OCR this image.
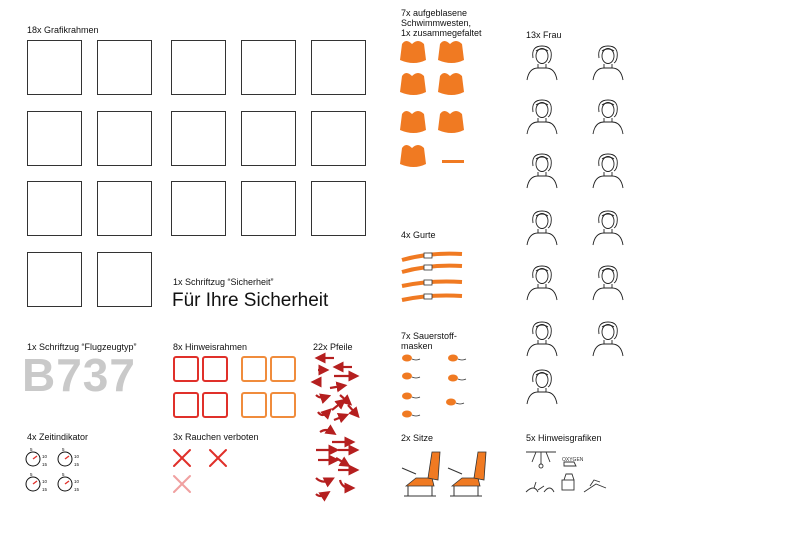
18x Grafikrahmen
1x Schriftzug “Sicherheit”
Für Ihre Sicherheit
1x Schriftzug “Flugzeugtyp”
B737
8x Hinweisrahmen	22x Pfeile
4x Zeitindikator
5
10
15
5
10
15
5
10
15
5
10
15
3x Rauchen verboten
7x aufgeblasene
Schwimmwesten,
1x zusammegefaltet
4x Gurte
7x Sauerstoff-
masken
2x Sitze
13x Frau
5x Hinweisgrafiken
OXYGEN
